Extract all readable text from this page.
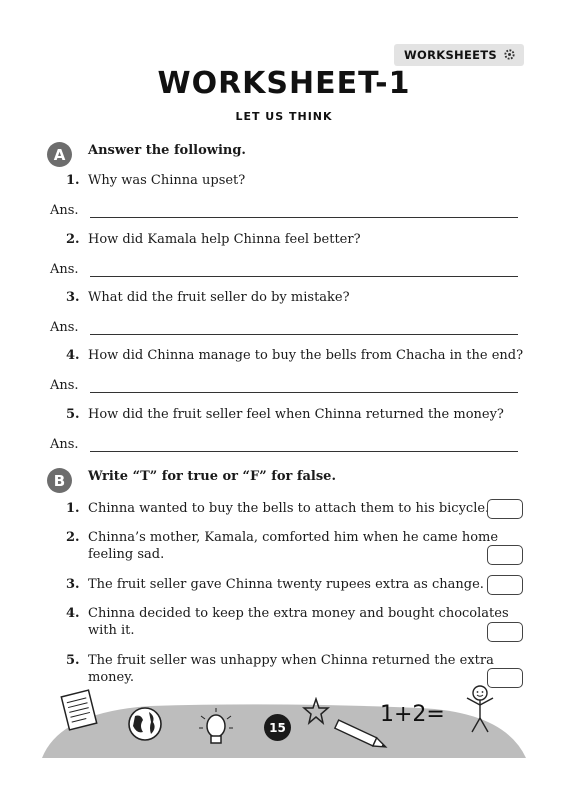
WORKSHEETS
WORKSHEET-1
LET US THINK
A	Answer the following.
1. Why was Chinna upset?
Ans.
2. How did Kamala help Chinna feel better?
Ans.
3. What did the fruit seller do by mistake?
Ans.
4. How did Chinna manage to buy the bells from Chacha in the end?
Ans.
5. How did the fruit seller feel when Chinna returned the money?
Ans.
B	Write “T” for true or “F” for false.
1. Chinna wanted to buy the bells to attach them to his bicycle.
2. Chinna’s mother, Kamala, comforted him when he came home feeling sad.
3. The fruit seller gave Chinna twenty rupees extra as change.
4. Chinna decided to keep the extra money and bought chocolates with it.
5. The fruit seller was unhappy when Chinna returned the extra money.
15
1+2=
